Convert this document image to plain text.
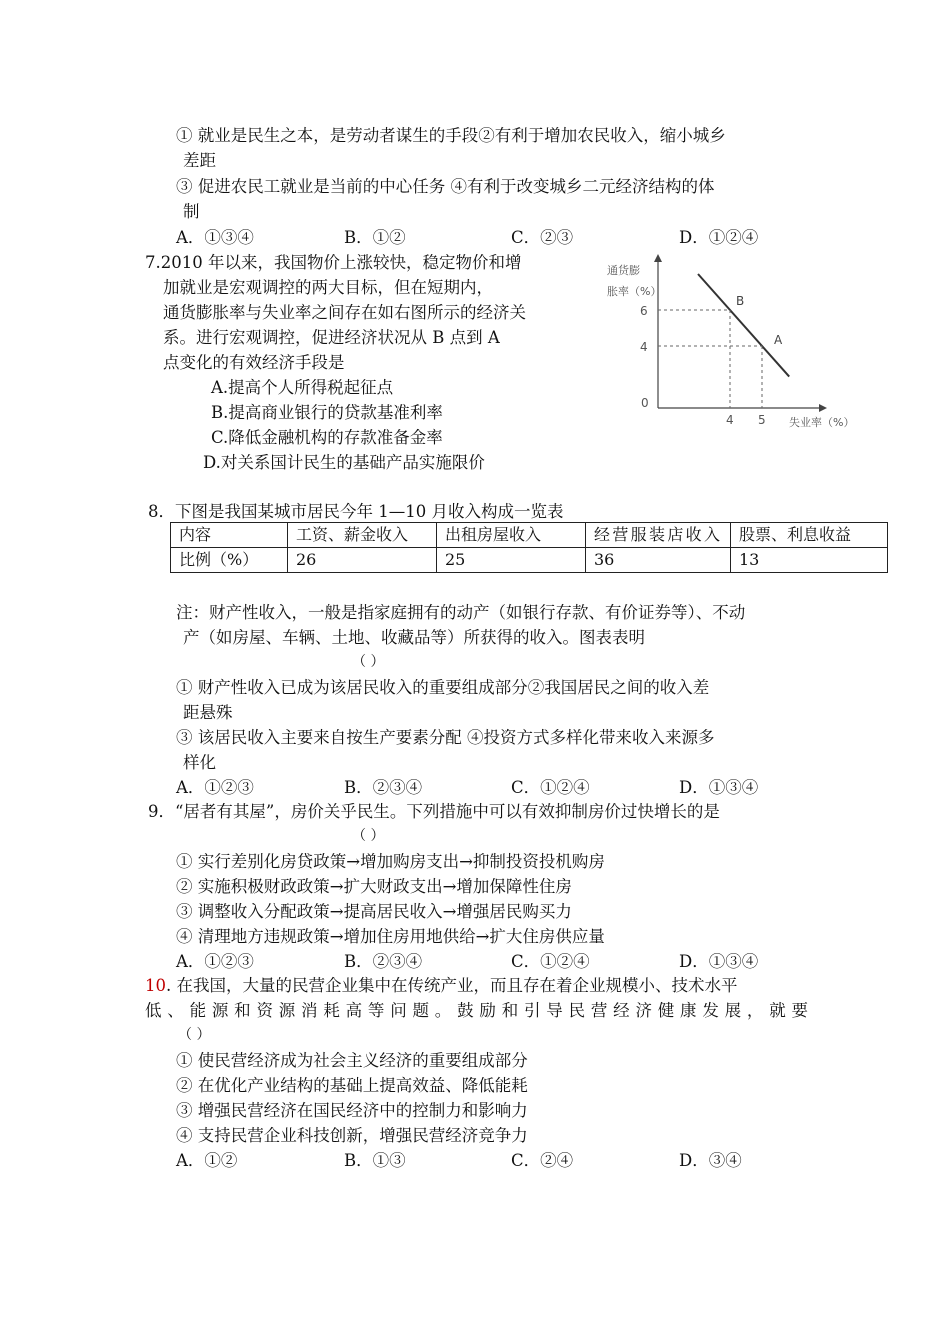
① 就业是民生之本，是劳动者谋生的手段②有利于增加农民收入，缩小城乡
差距
③ 促进农民工就业是当前的中心任务 ④有利于改变城乡二元经济结构的体
制
A．①③④	B．①②	C．②③	D．①②④
7.2010 年以来，我国物价上涨较快，稳定物价和增
加就业是宏观调控的两大目标，但在短期内，
通货膨胀率与失业率之间存在如右图所示的经济关
系。进行宏观调控，促进经济状况从 B 点到 A
点变化的有效经济手段是
A.提高个人所得税起征点
B.提高商业银行的贷款基准利率
C.降低金融机构的存款准备金率
D.对关系国计民生的基础产品实施限价
通货膨
胀率（%）
失业率（%）
0
B
A
6
4
4 5
8．下图是我国某城市居民今年 1—10 月收入构成一览表
内容	工资、薪金收入	出租房屋收入	经营服装店收入	股票、利息收益
比例（%）	26	25	36	13
注：财产性收入，一般是指家庭拥有的动产（如银行存款、有价证券等）、不动
产（如房屋、车辆、土地、收藏品等）所获得的收入。图表表明
（ ）
① 财产性收入已成为该居民收入的重要组成部分②我国居民之间的收入差
距悬殊
③ 该居民收入主要来自按生产要素分配 ④投资方式多样化带来收入来源多
样化
A．①②③	B．②③④	C．①②④	D．①③④
9．“居者有其屋”，房价关乎民生。下列措施中可以有效抑制房价过快增长的是
（ ）
① 实行差别化房贷政策→增加购房支出→抑制投资投机购房
② 实施积极财政政策→扩大财政支出→增加保障性住房
③ 调整收入分配政策→提高居民收入→增强居民购买力
④ 清理地方违规政策→增加住房用地供给→扩大住房供应量
A．①②③	B．②③④	C．①②④	D．①③④
10. 在我国，大量的民营企业集中在传统产业，而且存在着企业规模小、技术水平
低、能源和资源消耗高等问题。鼓励和引导民营经济健康发展，就要
（ ）
① 使民营经济成为社会主义经济的重要组成部分
② 在优化产业结构的基础上提高效益、降低能耗
③ 增强民营经济在国民经济中的控制力和影响力
④ 支持民营企业科技创新，增强民营经济竞争力
A．①②	B．①③	C．②④	D．③④
